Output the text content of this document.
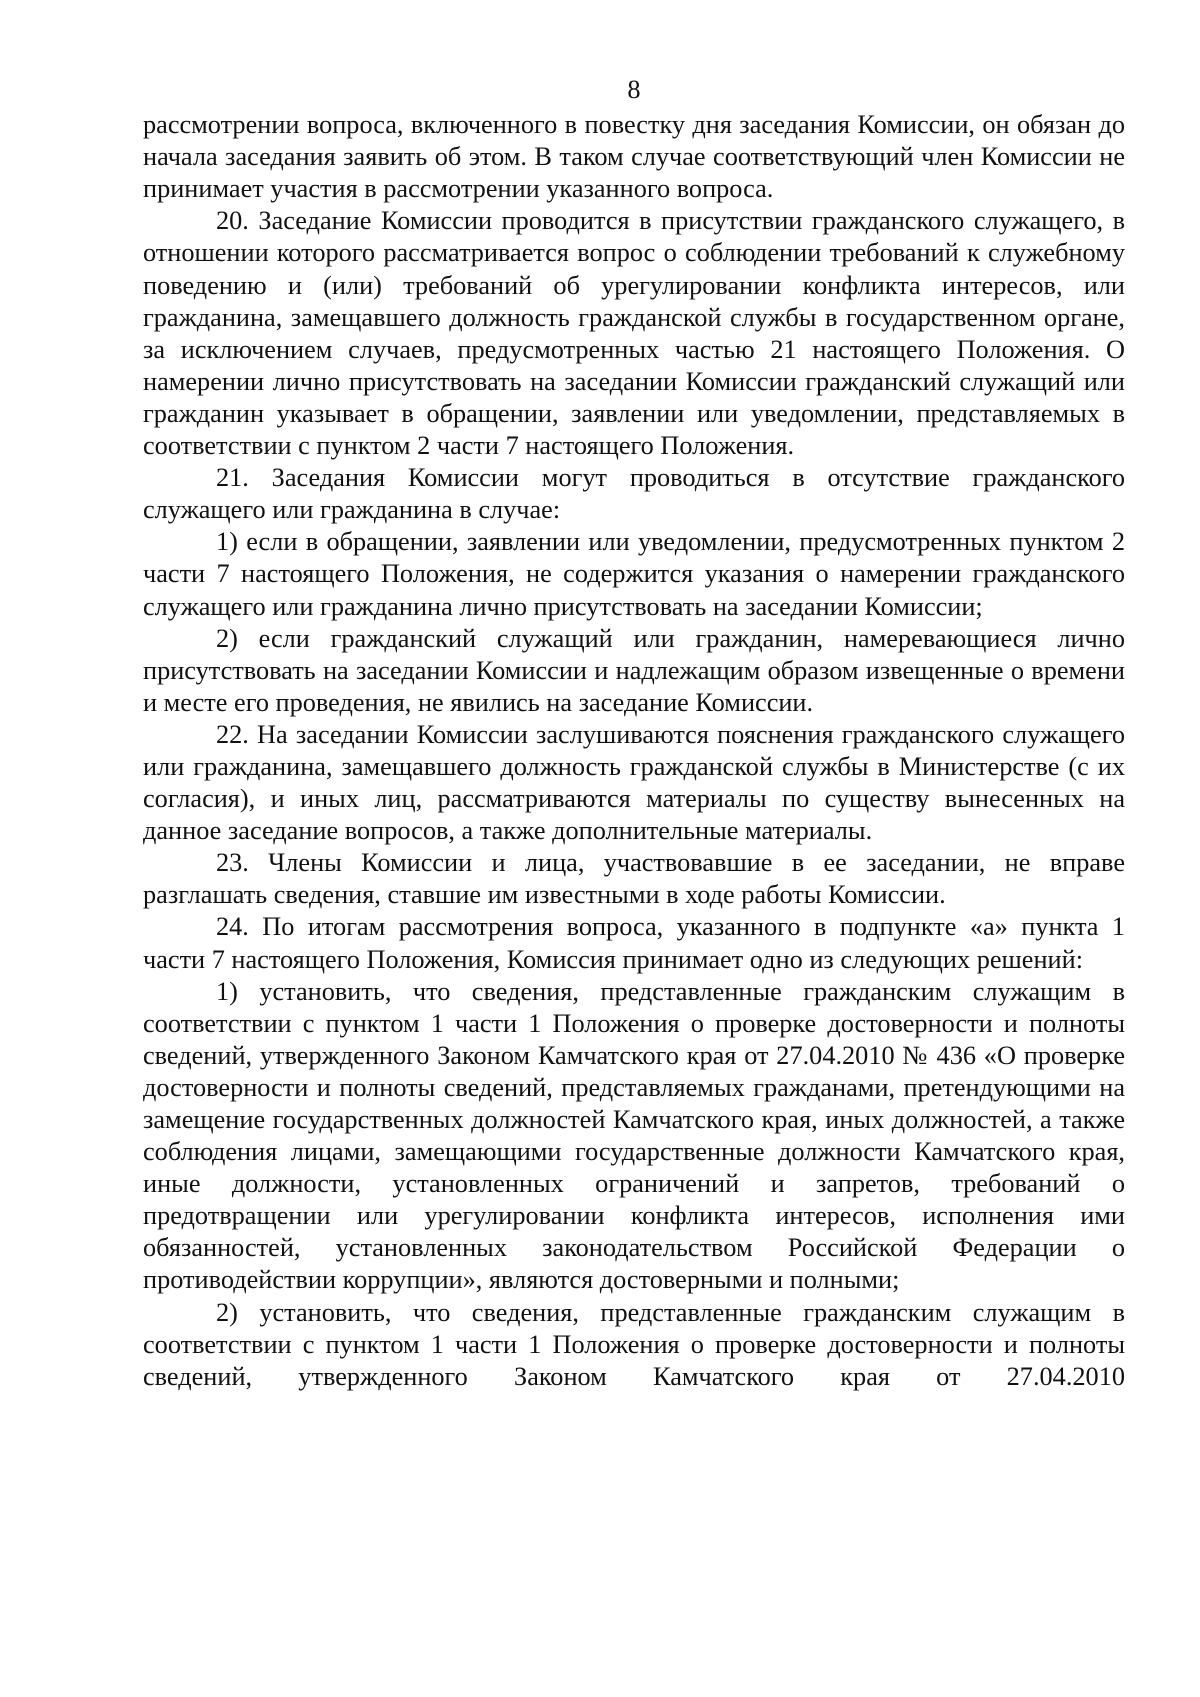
8

рассмотрении вопроса, включенного в повестку дня заседания Комиссии, он обязан до начала заседания заявить об этом. В таком случае соответствующий член Комиссии не принимает участия в рассмотрении указанного вопроса.

20. Заседание Комиссии проводится в присутствии гражданского служащего, в отношении которого рассматривается вопрос о соблюдении требований к служебному поведению и (или) требований об урегулировании конфликта интересов, или гражданина, замещавшего должность гражданской службы в государственном органе, за исключением случаев, предусмотренных частью 21 настоящего Положения. О намерении лично присутствовать на заседании Комиссии гражданский служащий или гражданин указывает в обращении, заявлении или уведомлении, представляемых в соответствии с пунктом 2 части 7 настоящего Положения.

21. Заседания Комиссии могут проводиться в отсутствие гражданского служащего или гражданина в случае:

1) если в обращении, заявлении или уведомлении, предусмотренных пунктом 2 части 7 настоящего Положения, не содержится указания о намерении гражданского служащего или гражданина лично присутствовать на заседании Комиссии;

2) если гражданский служащий или гражданин, намеревающиеся лично присутствовать на заседании Комиссии и надлежащим образом извещенные о времени и месте его проведения, не явились на заседание Комиссии.

22. На заседании Комиссии заслушиваются пояснения гражданского служащего или гражданина, замещавшего должность гражданской службы в Министерстве (с их согласия), и иных лиц, рассматриваются материалы по существу вынесенных на данное заседание вопросов, а также дополнительные материалы.

23. Члены Комиссии и лица, участвовавшие в ее заседании, не вправе разглашать сведения, ставшие им известными в ходе работы Комиссии.

24. По итогам рассмотрения вопроса, указанного в подпункте «а» пункта 1 части 7 настоящего Положения, Комиссия принимает одно из следующих решений:

1) установить, что сведения, представленные гражданским служащим в соответствии с пунктом 1 части 1 Положения о проверке достоверности и полноты сведений, утвержденного Законом Камчатского края от 27.04.2010 № 436 «О проверке достоверности и полноты сведений, представляемых гражданами, претендующими на замещение государственных должностей Камчатского края, иных должностей, а также соблюдения лицами, замещающими государственные должности Камчатского края, иные должности, установленных ограничений и запретов, требований о предотвращении или урегулировании конфликта интересов, исполнения ими обязанностей, установленных законодательством Российской Федерации о противодействии коррупции», являются достоверными и полными;

2) установить, что сведения, представленные гражданским служащим в соответствии с пунктом 1 части 1 Положения о проверке достоверности и полноты сведений, утвержденного Законом Камчатского края от 27.04.2010
